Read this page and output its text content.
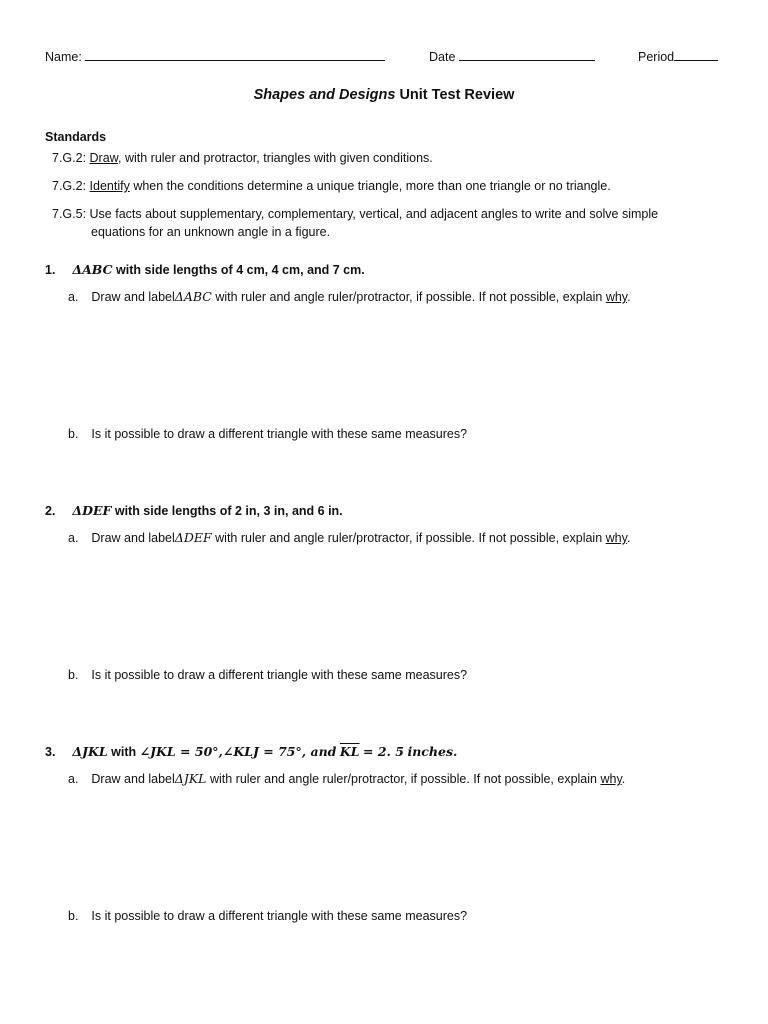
Name:	Date	Period
Shapes and Designs Unit Test Review
Standards
7.G.2: Draw, with ruler and protractor, triangles with given conditions.
7.G.2: Identify when the conditions determine a unique triangle, more than one triangle or no triangle.
7.G.5: Use facts about supplementary, complementary, vertical, and adjacent angles to write and solve simple
equations for an unknown angle in a figure.
1. ΔABC with side lengths of 4 cm, 4 cm, and 7 cm.
a. Draw and labelΔABC with ruler and angle ruler/protractor, if possible. If not possible, explain why.
b. Is it possible to draw a different triangle with these same measures?
2. ΔDEF with side lengths of 2 in, 3 in, and 6 in.
a. Draw and labelΔDEF with ruler and angle ruler/protractor, if possible. If not possible, explain why.
b. Is it possible to draw a different triangle with these same measures?
3. ΔJKL with ∠JKL = 50°,∠KLJ = 75°, and $\overline{KL} = 2$. 5 inches.
a. Draw and labelΔJKL with ruler and angle ruler/protractor, if possible. If not possible, explain why.
b. Is it possible to draw a different triangle with these same measures?
